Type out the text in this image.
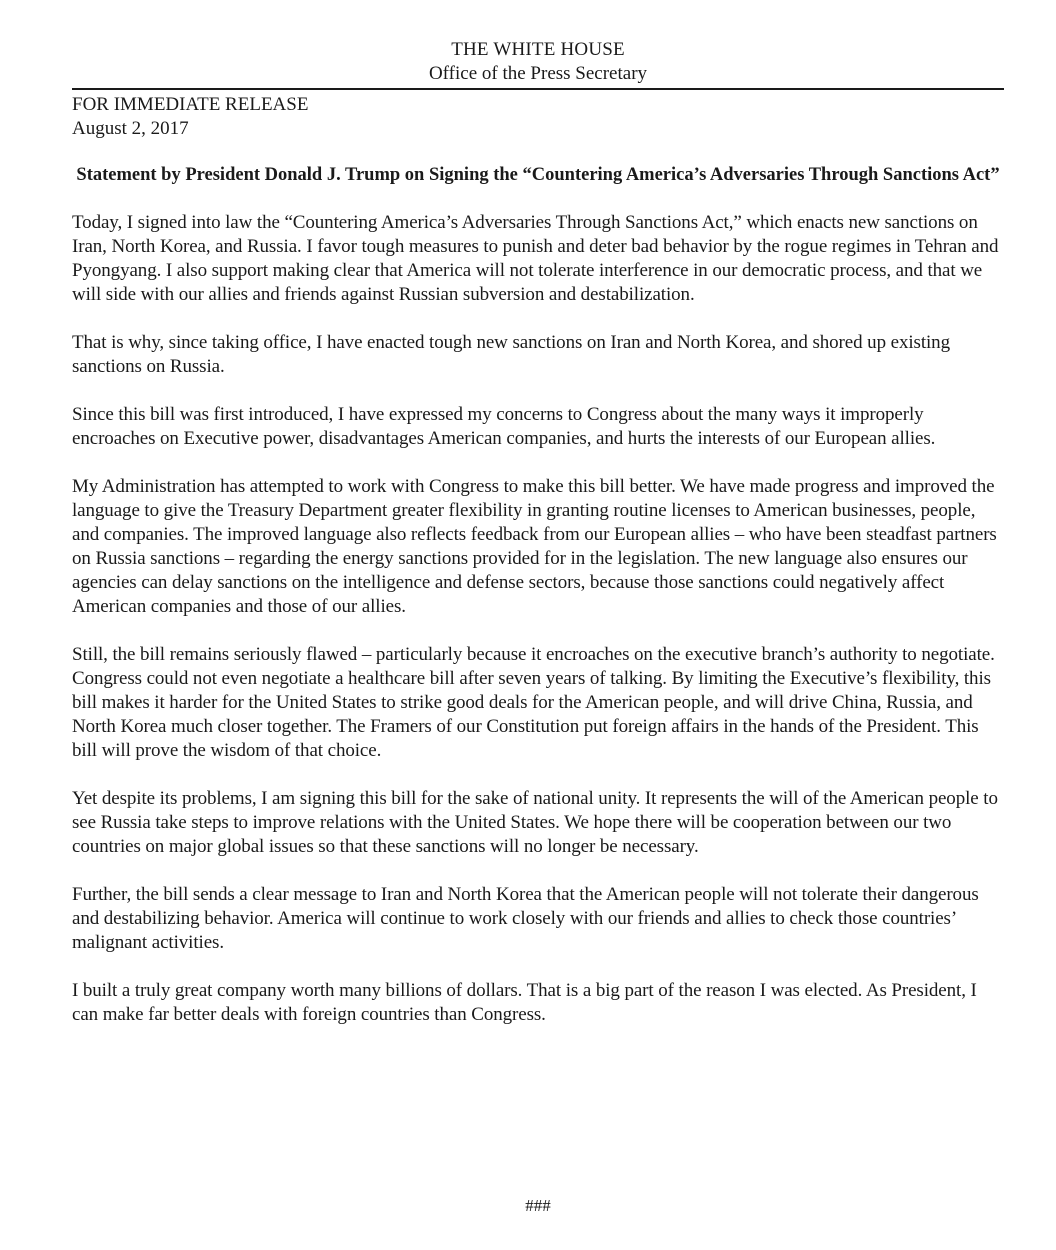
THE WHITE HOUSE
Office of the Press Secretary
FOR IMMEDIATE RELEASE
August 2, 2017
Statement by President Donald J. Trump on Signing the “Countering America’s Adversaries Through Sanctions Act”

Today, I signed into law the “Countering America’s Adversaries Through Sanctions Act,” which enacts new sanctions on Iran, North Korea, and Russia. I favor tough measures to punish and deter bad behavior by the rogue regimes in Tehran and Pyongyang. I also support making clear that America will not tolerate interference in our democratic process, and that we will side with our allies and friends against Russian subversion and destabilization.

That is why, since taking office, I have enacted tough new sanctions on Iran and North Korea, and shored up existing sanctions on Russia.

Since this bill was first introduced, I have expressed my concerns to Congress about the many ways it improperly encroaches on Executive power, disadvantages American companies, and hurts the interests of our European allies.

My Administration has attempted to work with Congress to make this bill better. We have made progress and improved the language to give the Treasury Department greater flexibility in granting routine licenses to American businesses, people, and companies. The improved language also reflects feedback from our European allies – who have been steadfast partners on Russia sanctions – regarding the energy sanctions provided for in the legislation. The new language also ensures our agencies can delay sanctions on the intelligence and defense sectors, because those sanctions could negatively affect American companies and those of our allies.

Still, the bill remains seriously flawed – particularly because it encroaches on the executive branch’s authority to negotiate. Congress could not even negotiate a healthcare bill after seven years of talking. By limiting the Executive’s flexibility, this bill makes it harder for the United States to strike good deals for the American people, and will drive China, Russia, and North Korea much closer together. The Framers of our Constitution put foreign affairs in the hands of the President. This bill will prove the wisdom of that choice.

Yet despite its problems, I am signing this bill for the sake of national unity. It represents the will of the American people to see Russia take steps to improve relations with the United States. We hope there will be cooperation between our two countries on major global issues so that these sanctions will no longer be necessary.

Further, the bill sends a clear message to Iran and North Korea that the American people will not tolerate their dangerous and destabilizing behavior. America will continue to work closely with our friends and allies to check those countries’ malignant activities.

I built a truly great company worth many billions of dollars. That is a big part of the reason I was elected. As President, I can make far better deals with foreign countries than Congress.

###
